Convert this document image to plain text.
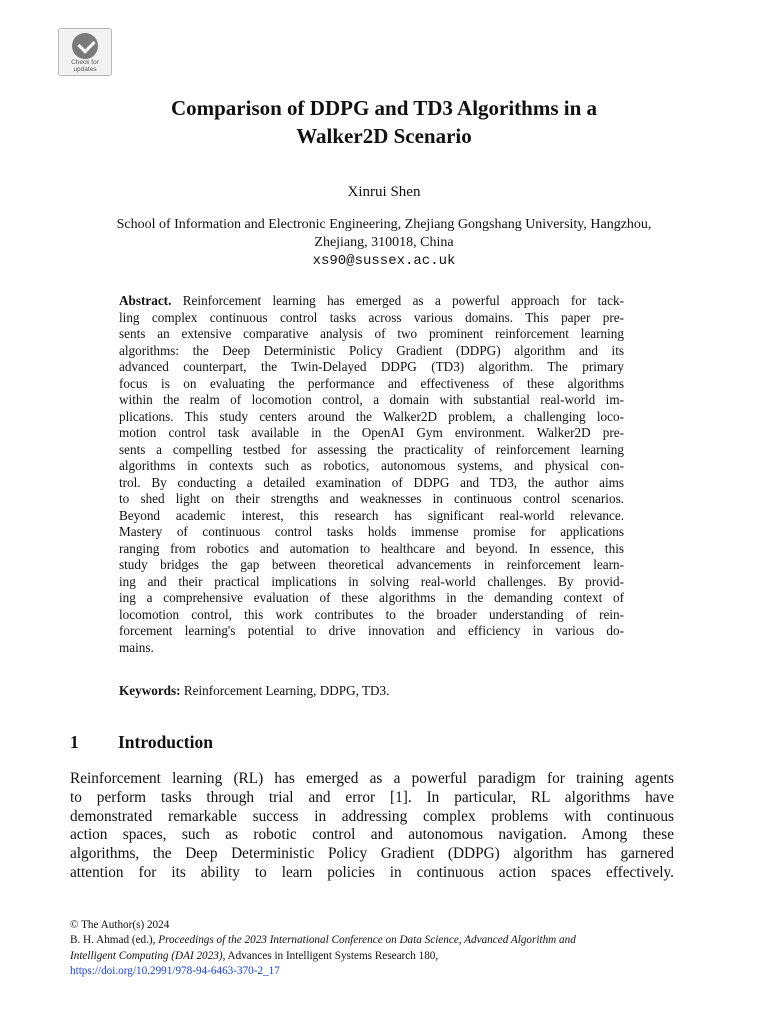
Check for
updates
Comparison of DDPG and TD3 Algorithms in a
Walker2D Scenario
Xinrui Shen
School of Information and Electronic Engineering, Zhejiang Gongshang University, Hangzhou,
Zhejiang, 310018, China
xs90@sussex.ac.uk
Abstract. Reinforcement learning has emerged as a powerful approach for tack-
ling complex continuous control tasks across various domains. This paper pre-
sents an extensive comparative analysis of two prominent reinforcement learning
algorithms: the Deep Deterministic Policy Gradient (DDPG) algorithm and its
advanced counterpart, the Twin-Delayed DDPG (TD3) algorithm. The primary
focus is on evaluating the performance and effectiveness of these algorithms
within the realm of locomotion control, a domain with substantial real-world im-
plications. This study centers around the Walker2D problem, a challenging loco-
motion control task available in the OpenAI Gym environment. Walker2D pre-
sents a compelling testbed for assessing the practicality of reinforcement learning
algorithms in contexts such as robotics, autonomous systems, and physical con-
trol. By conducting a detailed examination of DDPG and TD3, the author aims
to shed light on their strengths and weaknesses in continuous control scenarios.
Beyond academic interest, this research has significant real-world relevance.
Mastery of continuous control tasks holds immense promise for applications
ranging from robotics and automation to healthcare and beyond. In essence, this
study bridges the gap between theoretical advancements in reinforcement learn-
ing and their practical implications in solving real-world challenges. By provid-
ing a comprehensive evaluation of these algorithms in the demanding context of
locomotion control, this work contributes to the broader understanding of rein-
forcement learning's potential to drive innovation and efficiency in various do-
mains.
Keywords: Reinforcement Learning, DDPG, TD3.
1 Introduction
Reinforcement learning (RL) has emerged as a powerful paradigm for training agents
to perform tasks through trial and error [1]. In particular, RL algorithms have
demonstrated remarkable success in addressing complex problems with continuous
action spaces, such as robotic control and autonomous navigation. Among these
algorithms, the Deep Deterministic Policy Gradient (DDPG) algorithm has garnered
attention for its ability to learn policies in continuous action spaces effectively.
© The Author(s) 2024
B. H. Ahmad (ed.), Proceedings of the 2023 International Conference on Data Science, Advanced Algorithm and
Intelligent Computing (DAI 2023), Advances in Intelligent Systems Research 180,
https://doi.org/10.2991/978-94-6463-370-2_17
